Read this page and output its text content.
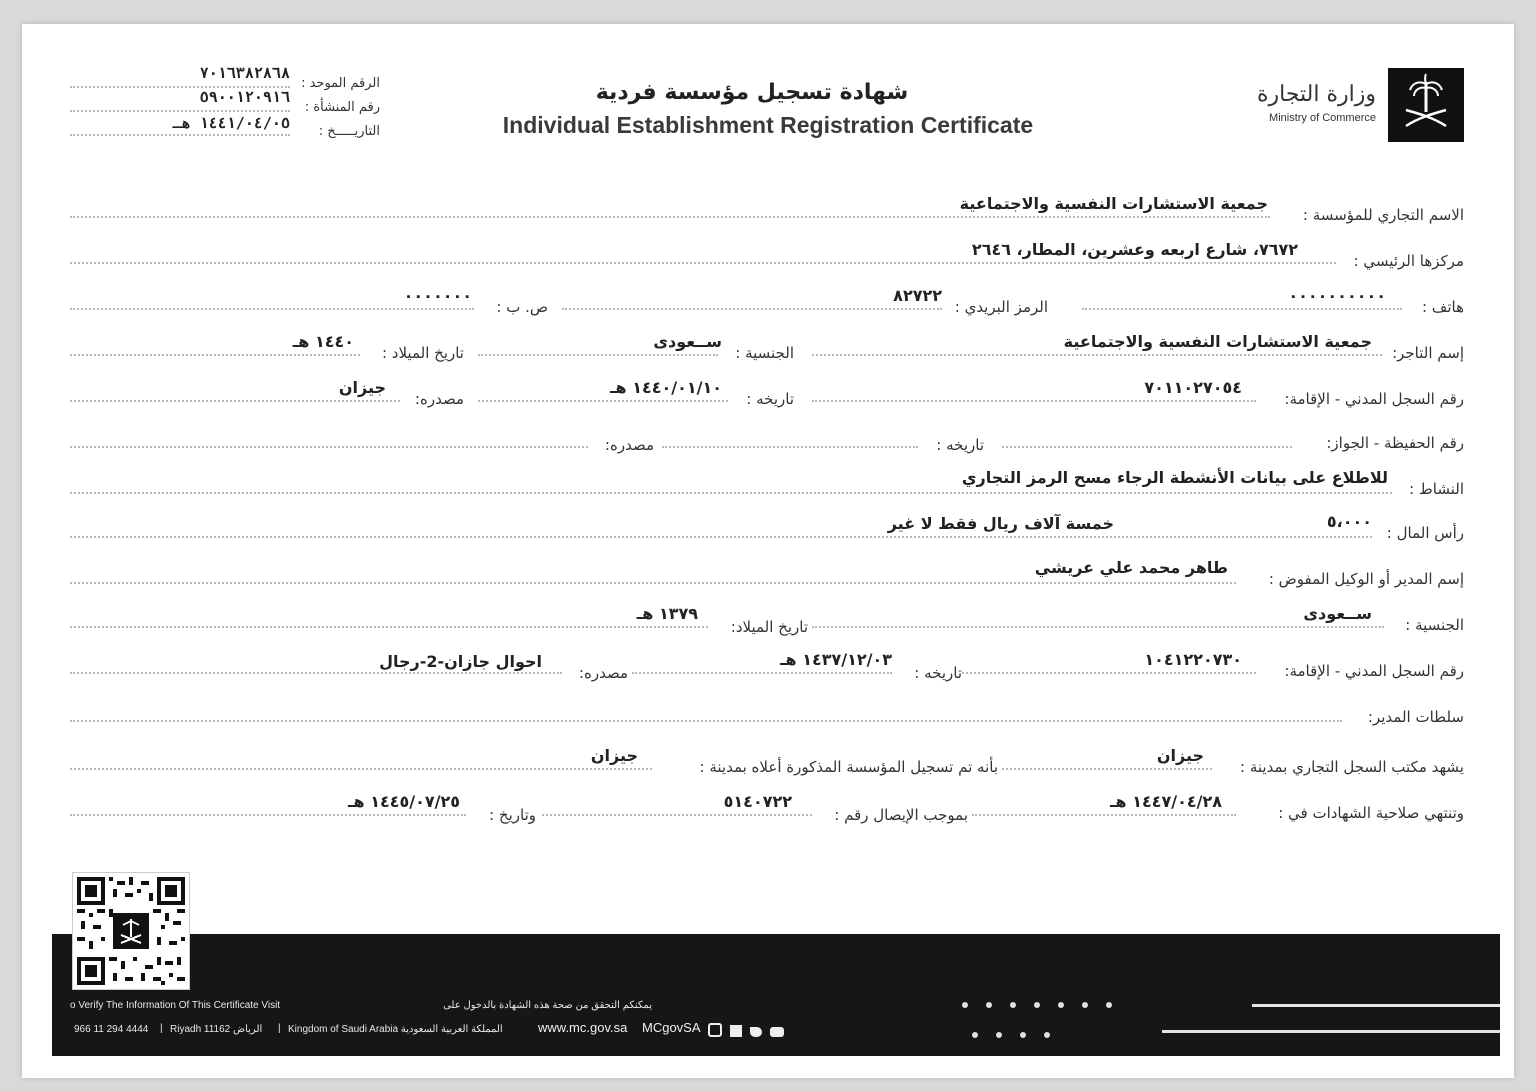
وزارة التجارة
Ministry of Commerce
شهادة تسجيل مؤسسة فردية
Individual Establishment Registration Certificate
الرقم الموحد :
٧٠١٦٣٨٢٨٦٨
رقم المنشأة :
٥٩٠٠١٢٠٩١٦
التاريـــــخ :
١٤٤١/٠٤/٠٥ هـ
الاسم التجاري للمؤسسة :
جمعية الاستشارات النفسية والاجتماعية
مركزها الرئيسي :
٧٦٧٢، شارع اربعه وعشرين، المطار، ٢٦٤٦
هاتف :
٠٠٠٠٠٠٠٠٠٠
الرمز البريدي :
٨٢٧٢٢
ص. ب :
٠٠٠٠٠٠٠
إسم التاجر:
جمعية الاستشارات النفسية والاجتماعية
الجنسية :
ســعودى
تاريخ الميلاد :
١٤٤٠ هـ
رقم السجل المدني - الإقامة:
٧٠١١٠٢٧٠٥٤
تاريخه :
١٤٤٠/٠١/١٠ هـ
مصدره:
جيزان
رقم الحفيظة - الجواز:
تاريخه :
مصدره:
النشاط :
للاطلاع على بيانات الأنشطة الرجاء مسح الرمز التجاري
رأس المال :
٥،٠٠٠
خمسة آلاف
ريال فقط لا غير
إسم المدير أو الوكيل المفوض :
طاهر محمد علي عريشي
الجنسية :
ســعودى
تاريخ الميلاد:
١٣٧٩ هـ
رقم السجل المدني - الإقامة:
١٠٤١٢٢٠٧٣٠
تاريخه :
١٤٣٧/١٢/٠٣ هـ
مصدره:
احوال جازان-2-رجال
سلطات المدير:
يشهد مكتب السجل التجاري بمدينة :
جيزان
بأنه تم تسجيل المؤسسة المذكورة أعلاه بمدينة :
جيزان
وتنتهي صلاحية الشهادات في :
١٤٤٧/٠٤/٢٨ هـ
بموجب الإيصال رقم :
٥١٤٠٧٢٢
وتاريخ :
١٤٤٥/٠٧/٢٥ هـ
o Verify The Information Of This Certificate Visit	يمكنكم التحقق من صحة هذه الشهادة بالدخول على
966 11 294 4444 | Riyadh 11162 الرياض | Kingdom of Saudi Arabia المملكة العربية السعودية	www.mc.gov.sa MCgovSA
